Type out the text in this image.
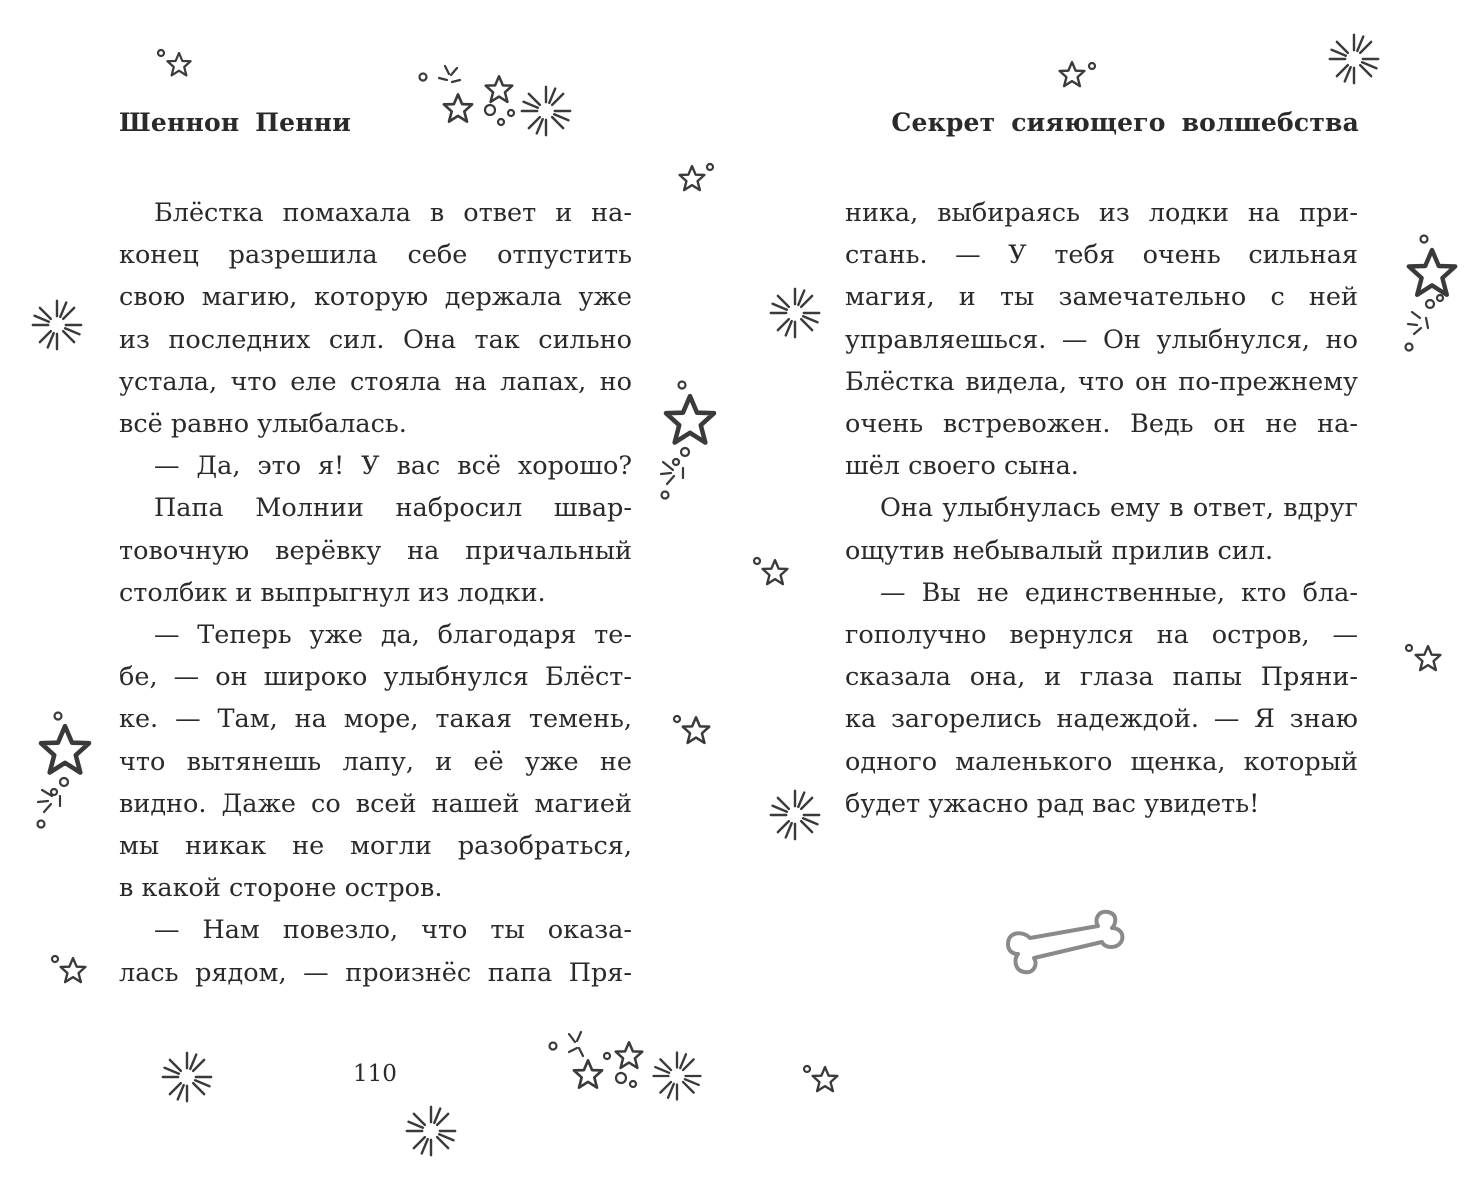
Шеннон Пенни	Секрет сияющего волшебства

Блёстка помахала в ответ и на-

конец разрешила себе отпустить

свою магию, которую держала уже

из последних сил. Она так сильно

устала, что еле стояла на лапах, но

всё равно улыбалась.

— Да, это я! У вас всё хорошо?

Папа Молнии набросил швар-

товочную верёвку на причальный

столбик и выпрыгнул из лодки.

— Теперь уже да, благодаря те-

бе, — он широко улыбнулся Блёст-

ке. — Там, на море, такая темень,

что вытянешь лапу, и её уже не

видно. Даже со всей нашей магией

мы никак не могли разобраться,

в какой стороне остров.

— Нам повезло, что ты оказа-

лась рядом, — произнёс папа Пря-

ника, выбираясь из лодки на при-

стань. — У тебя очень сильная

магия, и ты замечательно с ней

управляешься. — Он улыбнулся, но

Блёстка видела, что он по-прежнему

очень встревожен. Ведь он не на-

шёл своего сына.

Она улыбнулась ему в ответ, вдруг

ощутив небывалый прилив сил.

— Вы не единственные, кто бла-

гополучно вернулся на остров, —

сказала она, и глаза папы Пряни-

ка загорелись надеждой. — Я знаю

одного маленького щенка, который

будет ужасно рад вас увидеть!

110
